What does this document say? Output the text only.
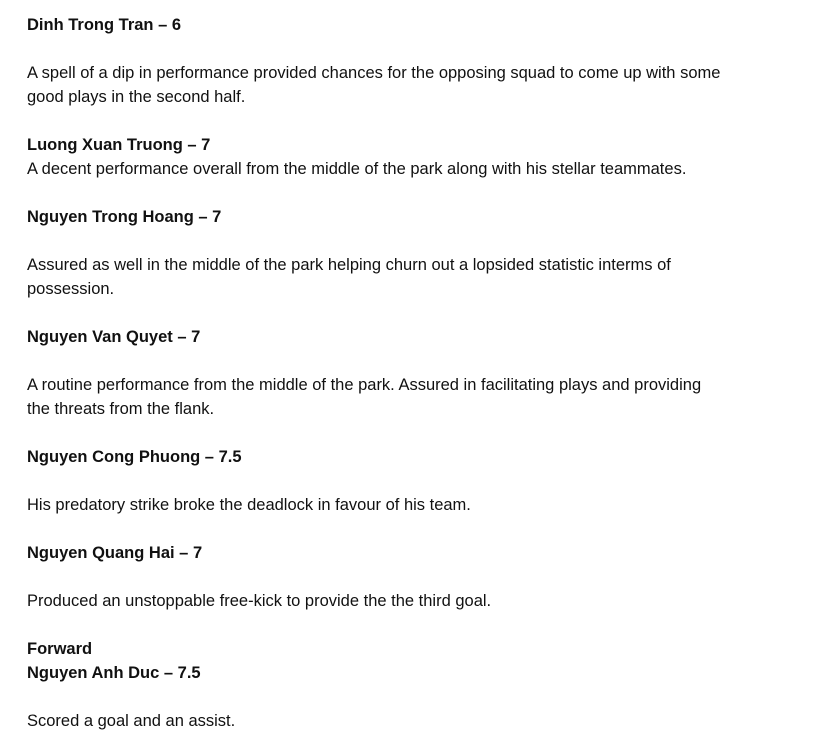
Dinh Trong Tran – 6
A spell of a dip in performance provided chances for the opposing squad to come up with some
good plays in the second half.
Luong Xuan Truong – 7
A decent performance overall from the middle of the park along with his stellar teammates.
Nguyen Trong Hoang – 7
Assured as well in the middle of the park helping churn out a lopsided statistic interms of
possession.
Nguyen Van Quyet – 7
A routine performance from the middle of the park. Assured in facilitating plays and providing
the threats from the flank.
Nguyen Cong Phuong – 7.5
His predatory strike broke the deadlock in favour of his team.
Nguyen Quang Hai – 7
Produced an unstoppable free-kick to provide the the third goal.
Forward
Nguyen Anh Duc – 7.5
Scored a goal and an assist.
